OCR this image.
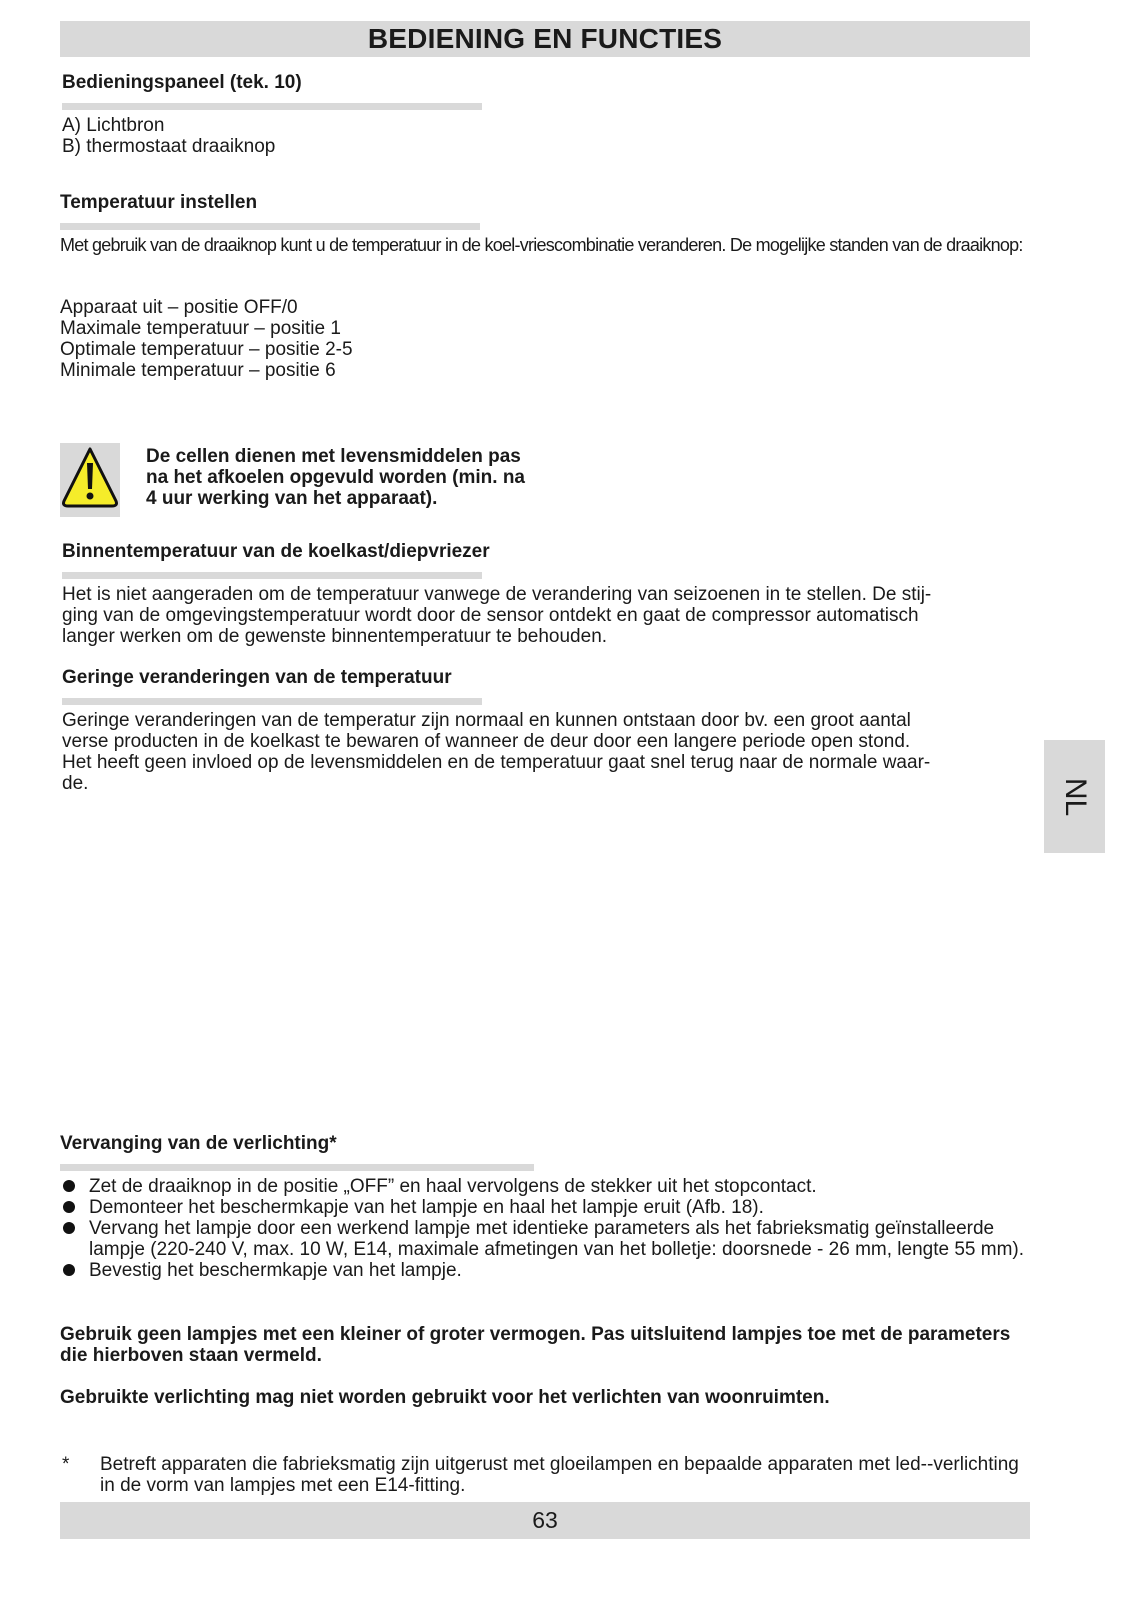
BEDIENING EN FUNCTIES
Bedieningspaneel (tek. 10)
A) Lichtbron
B) thermostaat draaiknop
Temperatuur instellen
Met gebruik van de draaiknop kunt u de temperatuur in de koel-vriescombinatie veranderen. De mogelijke standen van de draaiknop:
Apparaat uit – positie OFF/0
Maximale temperatuur – positie 1
Optimale temperatuur – positie 2-5
Minimale temperatuur – positie 6
De cellen dienen met levensmiddelen pas
na het afkoelen opgevuld worden (min. na
4 uur werking van het apparaat).
Binnentemperatuur van de koelkast/diepvriezer
Het is niet aangeraden om de temperatuur vanwege de verandering van seizoenen in te stellen. De stij-
ging van de omgevingstemperatuur wordt door de sensor ontdekt en gaat de compressor automatisch
langer werken om de gewenste binnentemperatuur te behouden.
Geringe veranderingen van de temperatuur
Geringe veranderingen van de temperatur zijn normaal en kunnen ontstaan door bv. een groot aantal
verse producten in de koelkast te bewaren of wanneer de deur door een langere periode open stond.
Het heeft geen invloed op de levensmiddelen en de temperatuur gaat snel terug naar de normale waar-
de.	NL
Vervanging van de verlichting*
Zet de draaiknop in de positie „OFF” en haal vervolgens de stekker uit het stopcontact.
Demonteer het beschermkapje van het lampje en haal het lampje eruit (Afb. 18).
Vervang het lampje door een werkend lampje met identieke parameters als het fabrieksmatig geïnstalleerde lampje (220-240 V, max. 10 W, E14, maximale afmetingen van het bolletje: doorsnede - 26 mm, lengte 55 mm).
Bevestig het beschermkapje van het lampje.
Gebruik geen lampjes met een kleiner of groter vermogen. Pas uitsluitend lampjes toe met de parameters die hierboven staan vermeld.
Gebruikte verlichting mag niet worden gebruikt voor het verlichten van woonruimten.
* Betreft apparaten die fabrieksmatig zijn uitgerust met gloeilampen en bepaalde apparaten met led--verlichting in de vorm van lampjes met een E14-fitting.
63
